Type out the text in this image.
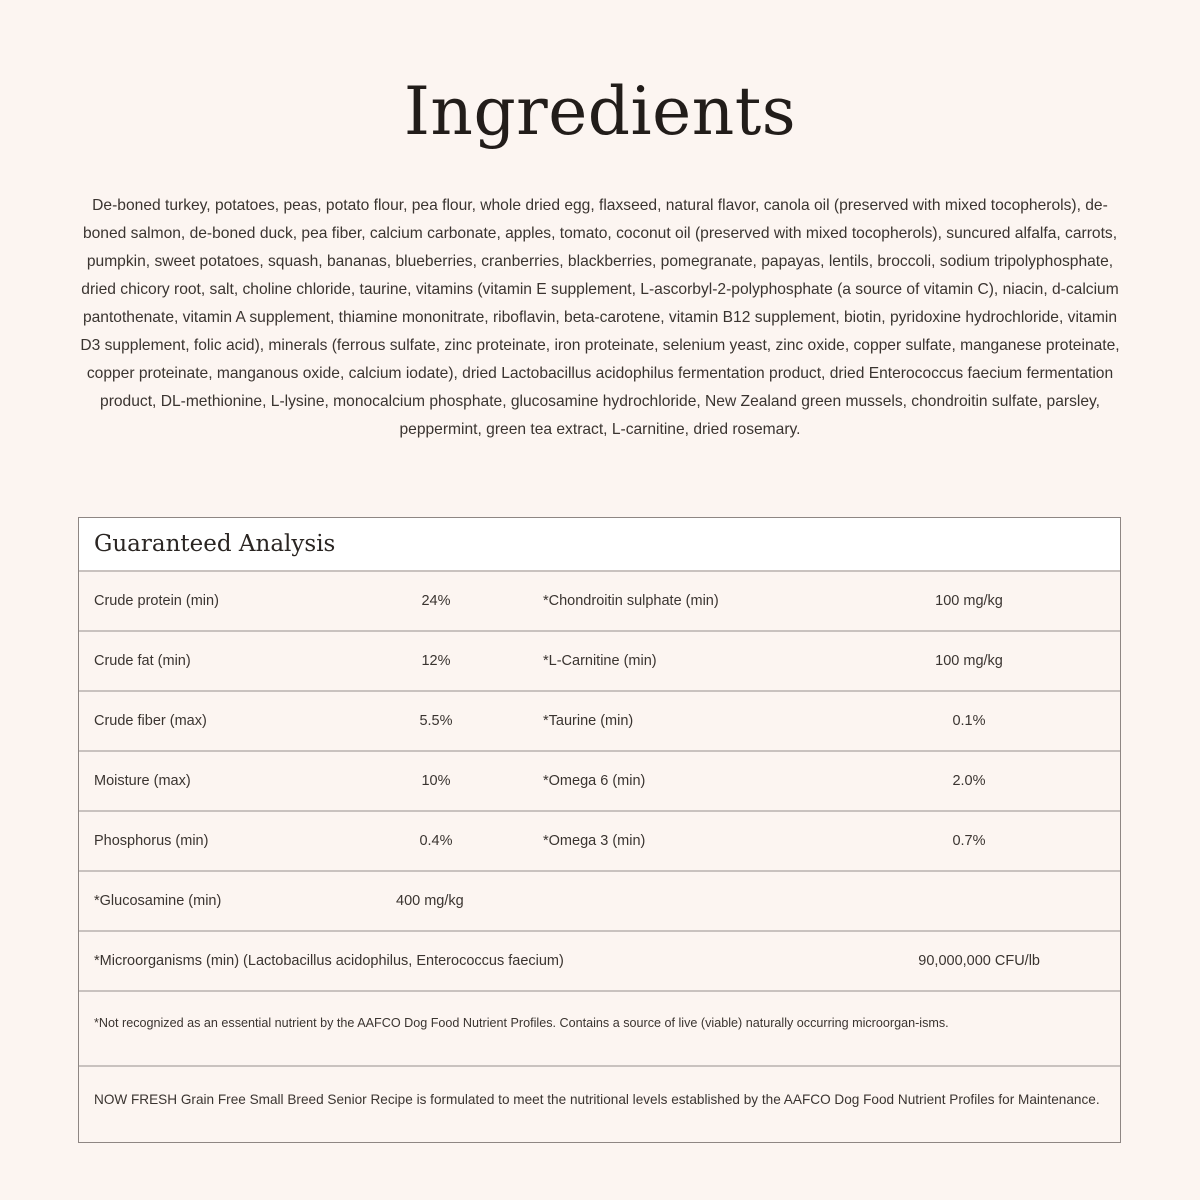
Ingredients

De-boned turkey, potatoes, peas, potato flour, pea flour, whole dried egg, flaxseed, natural flavor, canola oil (preserved with mixed tocopherols), de-boned salmon, de-boned duck, pea fiber, calcium carbonate, apples, tomato, coconut oil (preserved with mixed tocopherols), suncured alfalfa, carrots, pumpkin, sweet potatoes, squash, bananas, blueberries, cranberries, blackberries, pomegranate, papayas, lentils, broccoli, sodium tripolyphosphate, dried chicory root, salt, choline chloride, taurine, vitamins (vitamin E supplement, L-ascorbyl-2-polyphosphate (a source of vitamin C), niacin, d-calcium pantothenate, vitamin A supplement, thiamine mononitrate, riboflavin, beta-carotene, vitamin B12 supplement, biotin, pyridoxine hydrochloride, vitamin D3 supplement, folic acid), minerals (ferrous sulfate, zinc proteinate, iron proteinate, selenium yeast, zinc oxide, copper sulfate, manganese proteinate, copper proteinate, manganous oxide, calcium iodate), dried Lactobacillus acidophilus fermentation product, dried Enterococcus faecium fermentation product, DL-methionine, L-lysine, monocalcium phosphate, glucosamine hydrochloride, New Zealand green mussels, chondroitin sulfate, parsley, peppermint, green tea extract, L-carnitine, dried rosemary.

Guaranteed Analysis
Crude protein (min)	24%	*Chondroitin sulphate (min)	100 mg/kg
Crude fat (min)	12%	*L-Carnitine (min)	100 mg/kg
Crude fiber (max)	5.5%	*Taurine (min)	0.1%
Moisture (max)	10%	*Omega 6 (min)	2.0%
Phosphorus (min)	0.4%	*Omega 3 (min)	0.7%
*Glucosamine (min)	400 mg/kg
*Microorganisms (min) (Lactobacillus acidophilus, Enterococcus faecium)	90,000,000 CFU/lb
*Not recognized as an essential nutrient by the AAFCO Dog Food Nutrient Profiles. Contains a source of live (viable) naturally occurring microorgan-isms.
NOW FRESH Grain Free Small Breed Senior Recipe is formulated to meet the nutritional levels established by the AAFCO Dog Food Nutrient Profiles for Maintenance.
